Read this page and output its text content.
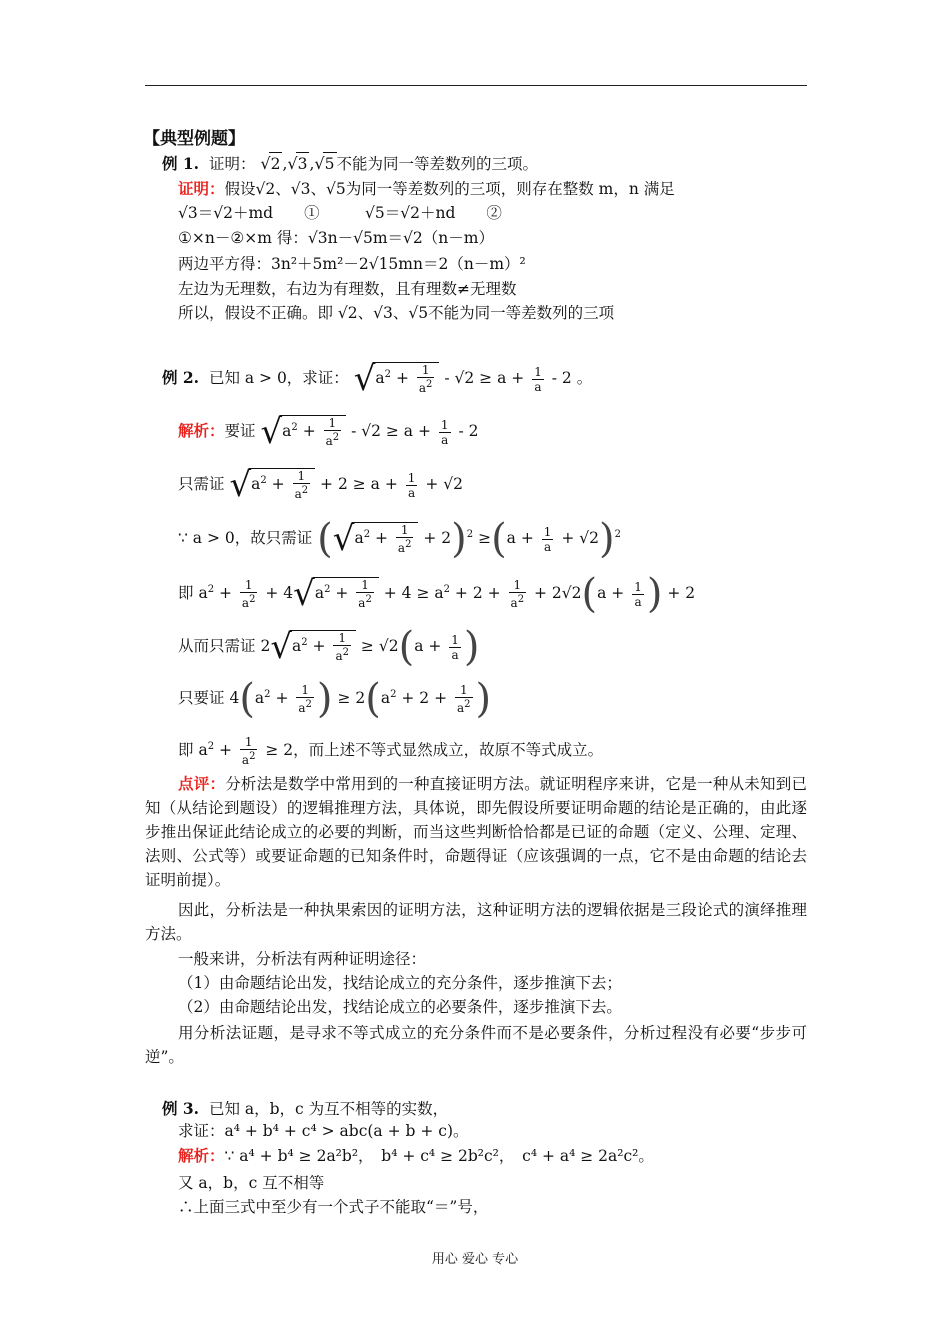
【典型例题】
例 1. 证明： √2 ,√3 ,√5 不能为同一等差数列的三项。
证明：假设√2、√3、√5为同一等差数列的三项，则存在整数 m，n 满足
√3＝√2＋md　　①	√5＝√2＋nd　　②
①×n－②×m 得：√3n－√5m＝√2（n－m）
两边平方得：3n²＋5m²－2√15mn＝2（n－m）²
左边为无理数，右边为有理数，且有理数≠无理数
所以，假设不正确。即 √2、√3、√5不能为同一等差数列的三项
例 2. 已知 a > 0，求证： $√a^2 + \frac{1}{a^2} - √2 \ge a + \frac{1}{a} - 2$ 。
解析：要证 $√a^2 + \frac{1}{a^2} - √2 \ge a + \frac{1}{a} - 2$
只需证 $√a^2 + \frac{1}{a^2} + 2 \ge a + \frac{1}{a} + √2$
∵ a > 0，故只需证 $(√a^2 + \frac{1}{a^2} + 2)^2 \ge(a + \frac{1}{a} + √2)^2$
即 $a^2 + \frac{1}{a^2} + 4√a^2 + \frac{1}{a^2} + 4 \ge a^2 + 2 + \frac{1}{a^2} + 2√2(a + \frac{1}{a}$ ) + 2
从而只需证 $2√a^2 + \frac{1}{a^2} \ge √2(a + \frac{1}{a}$ )
只要证 $4(a^2 + \frac{1}{a^2}$ ) ≥ $2(a^2 + 2 + \frac{1}{a^2}$ )
即 $a^2 + \frac{1}{a^2} \ge 2$，而上述不等式显然成立，故原不等式成立。
点评：分析法是数学中常用到的一种直接证明方法。就证明程序来讲，它是一种从未知到已知（从结论到题设）的逻辑推理方法，具体说，即先假设所要证明命题的结论是正确的，由此逐步推出保证此结论成立的必要的判断，而当这些判断恰恰都是已证的命题（定义、公理、定理、法则、公式等）或要证命题的已知条件时，命题得证（应该强调的一点，它不是由命题的结论去证明前提）。
因此，分析法是一种执果索因的证明方法，这种证明方法的逻辑依据是三段论式的演绎推理方法。
一般来讲，分析法有两种证明途径：
（1）由命题结论出发，找结论成立的充分条件，逐步推演下去；
（2）由命题结论出发，找结论成立的必要条件，逐步推演下去。
用分析法证题，是寻求不等式成立的充分条件而不是必要条件，分析过程没有必要“步步可逆”。
例 3. 已知 a，b，c 为互不相等的实数，
求证：a⁴ + b⁴ + c⁴ > abc(a + b + c)。
解析：∵ a⁴ + b⁴ ≥ 2a²b²，　b⁴ + c⁴ ≥ 2b²c²，　c⁴ + a⁴ ≥ 2a²c²。
又 a，b，c 互不相等
∴上面三式中至少有一个式子不能取“＝”号，
用心 爱心 专心
